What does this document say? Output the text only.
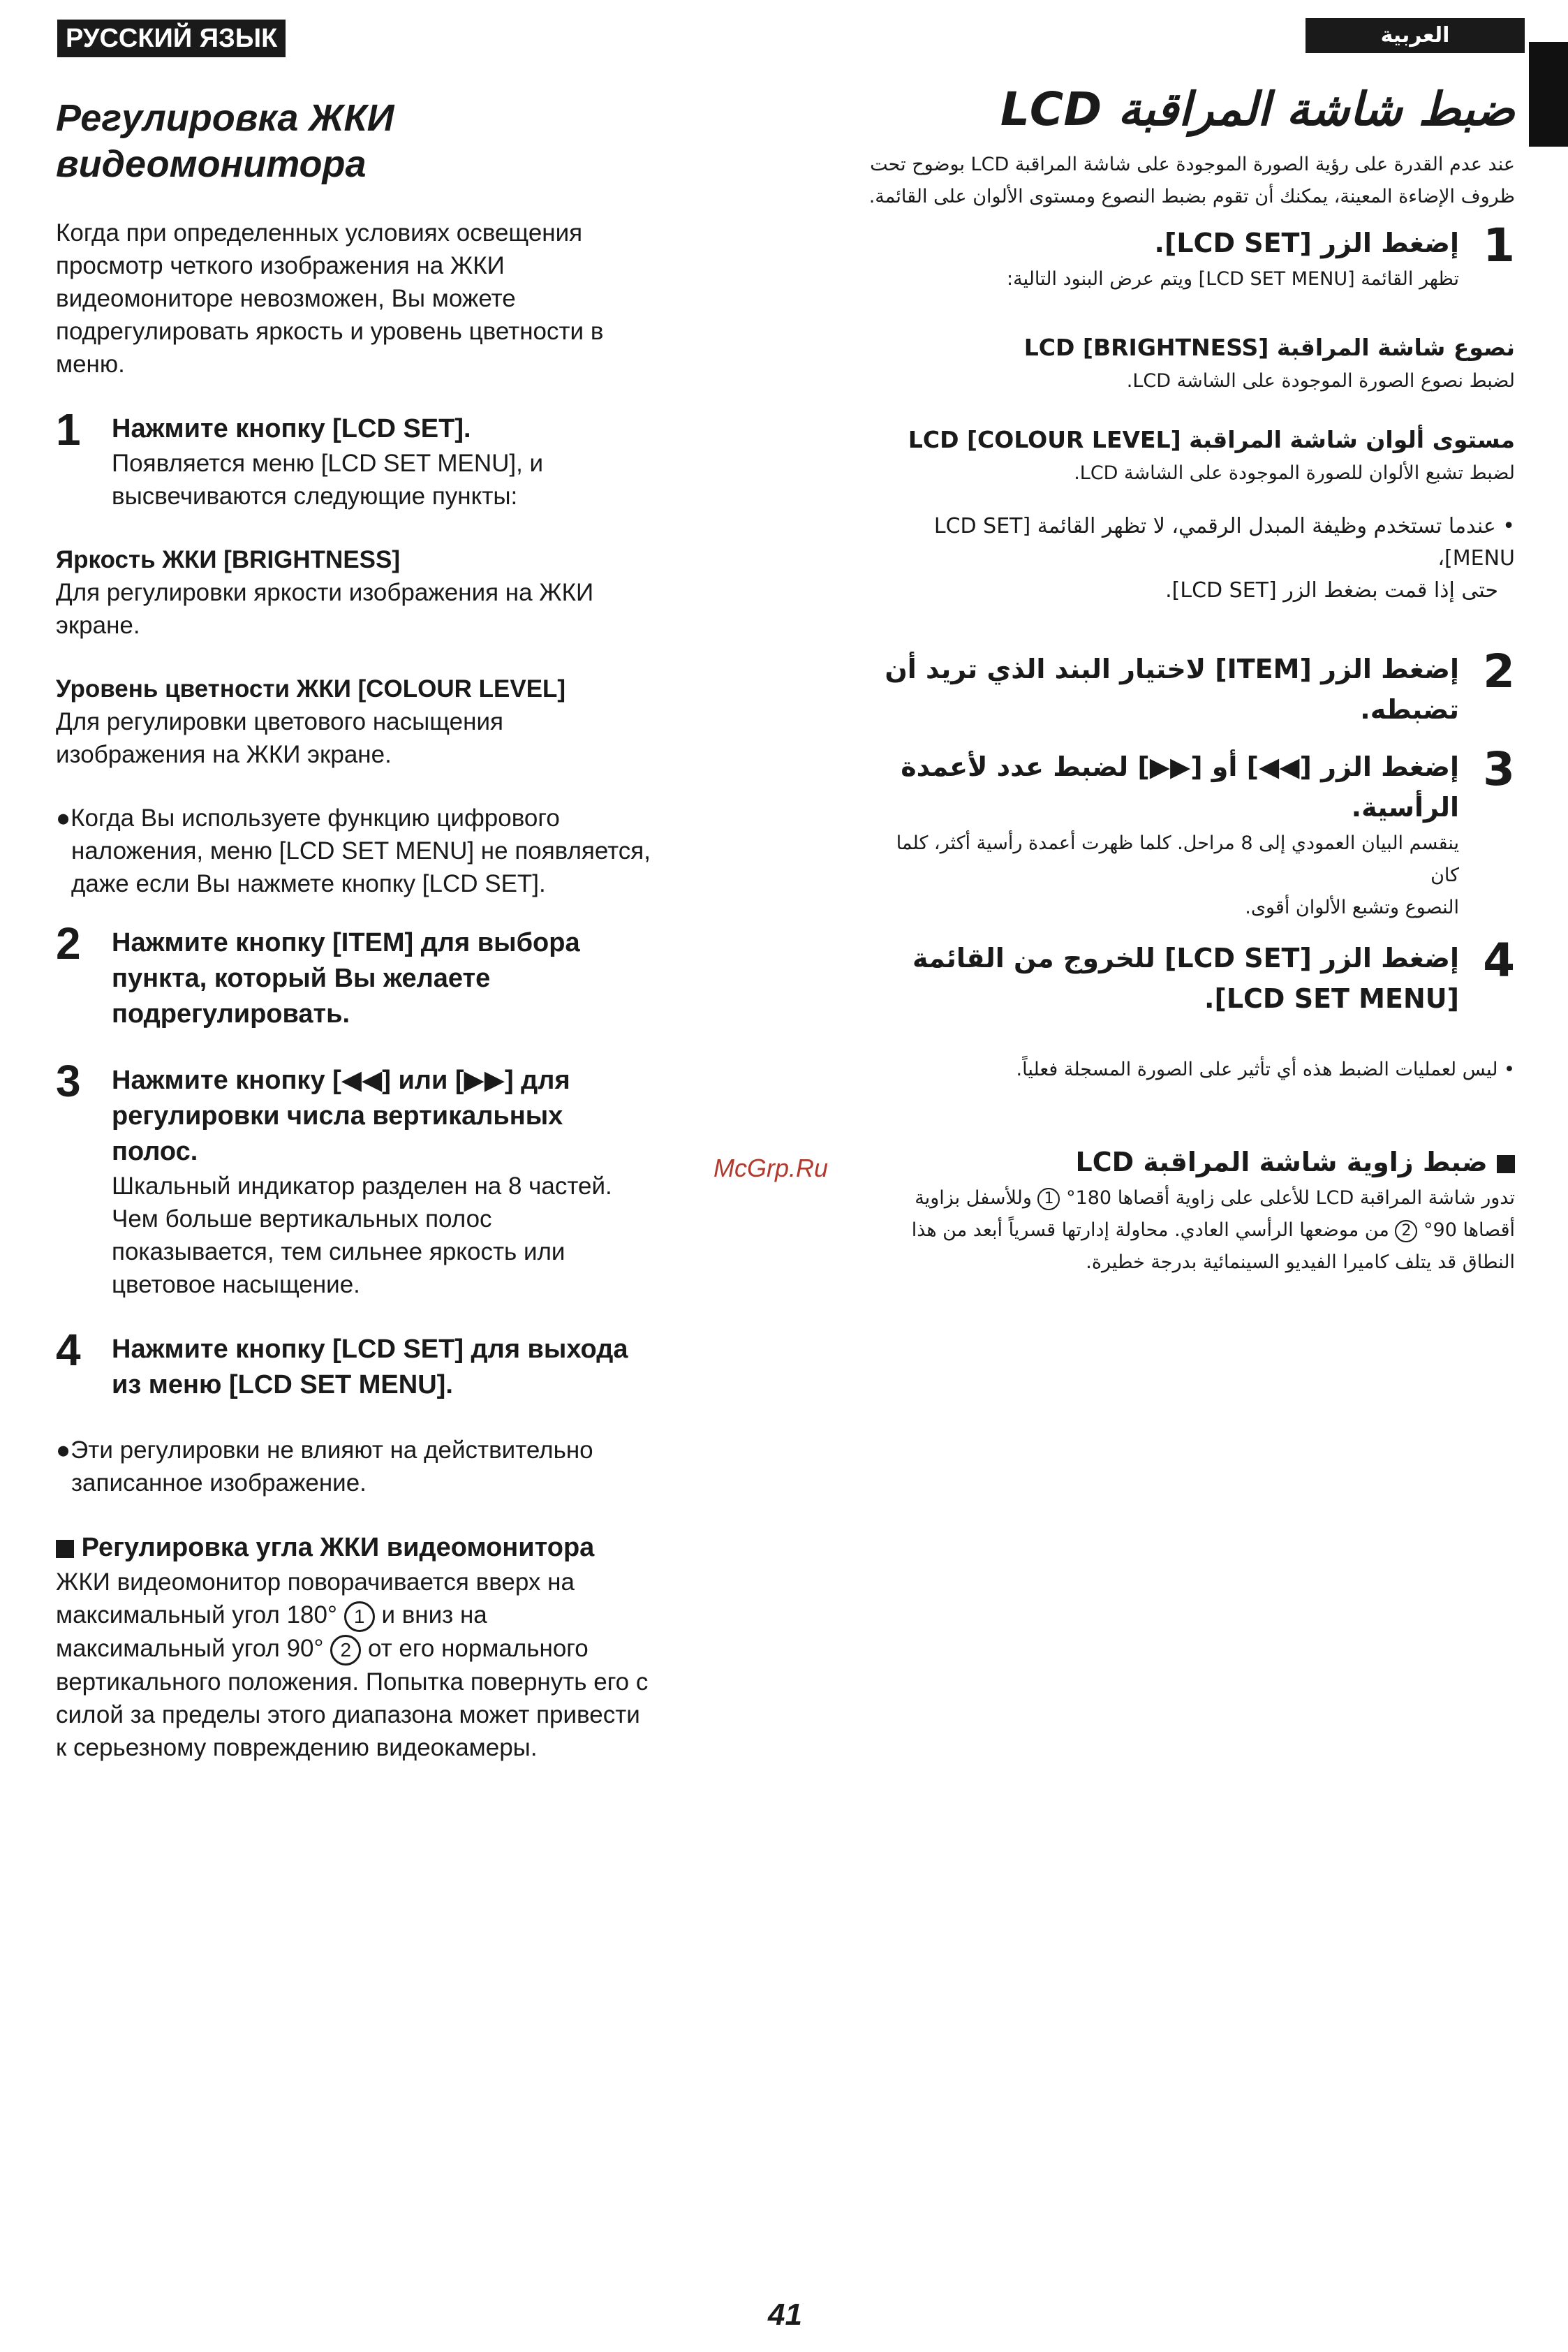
РУССКИЙ ЯЗЫК	العربية
Регулировка ЖКИ
видеомонитора
Когда при определенных условиях освещения
просмотр четкого изображения на ЖКИ
видеомониторе невозможен, Вы можете
подрегулировать яркость и уровень цветности в
меню.
1 Нажмите кнопку [LCD SET].
Появляется меню [LCD SET MENU], и
высвечиваются следующие пункты:
Яркость ЖКИ [BRIGHTNESS]
Для регулировки яркости изображения на ЖКИ
экране.
Уровень цветности ЖКИ [COLOUR LEVEL]
Для регулировки цветового насыщения
изображения на ЖКИ экране.
●Когда Вы используете функцию цифрового
наложения, меню [LCD SET MENU] не появляется,
даже если Вы нажмете кнопку [LCD SET].
2 Нажмите кнопку [ITEM] для выбора
пункта, который Вы желаете
подрегулировать.
3 Нажмите кнопку [◀◀] или [▶▶] для
регулировки числа вертикальных
полос.
Шкальный индикатор разделен на 8 частей.
Чем больше вертикальных полос
показывается, тем сильнее яркость или
цветовое насыщение.
4 Нажмите кнопку [LCD SET] для выхода
из меню [LCD SET MENU].
●Эти регулировки не влияют на действительно
записанное изображение.
Регулировка угла ЖКИ видеомонитора
ЖКИ видеомонитор поворачивается вверх на
максимальный угол 180° 1 и вниз на
максимальный угол 90° 2 от его нормального
вертикального положения. Попытка повернуть его с
силой за пределы этого диапазона может привести
к серьезному повреждению видеокамеры.
McGrp.Ru
ضبط شاشة المراقبة LCD
عند عدم القدرة على رؤية الصورة الموجودة على شاشة المراقبة LCD بوضوح تحت
ظروف الإضاءة المعينة، يمكنك أن تقوم بضبط النصوع ومستوى الألوان على القائمة.
1
إضغط الزر [LCD SET].
تظهر القائمة [LCD SET MENU] ويتم عرض البنود التالية:
نصوع شاشة المراقبة LCD [BRIGHTNESS]
لضبط نصوع الصورة الموجودة على الشاشة LCD.
مستوى ألوان شاشة المراقبة LCD [COLOUR LEVEL]
لضبط تشبع الألوان للصورة الموجودة على الشاشة LCD.
• عندما تستخدم وظيفة المبدل الرقمي، لا تظهر القائمة [LCD SET MENU]،
حتى إذا قمت بضغط الزر [LCD SET].
2
إضغط الزر [ITEM] لاختيار البند الذي تريد أن
تضبطه.
3
إضغط الزر [◀◀] أو [▶▶] لضبط عدد لأعمدة
الرأسية.
ينقسم البيان العمودي إلى 8 مراحل. كلما ظهرت أعمدة رأسية أكثر، كلما كان
النصوع وتشبع الألوان أقوى.
4
إضغط الزر [LCD SET] للخروج من القائمة
[LCD SET MENU].
• ليس لعمليات الضبط هذه أي تأثير على الصورة المسجلة فعلياً.
ضبط زاوية شاشة المراقبة LCD
تدور شاشة المراقبة LCD للأعلى على زاوية أقصاها 180° 1 وللأسفل بزاوية
أقصاها 90° 2 من موضعها الرأسي العادي. محاولة إدارتها قسرياً أبعد من هذا
النطاق قد يتلف كاميرا الفيديو السينمائية بدرجة خطيرة.
41
